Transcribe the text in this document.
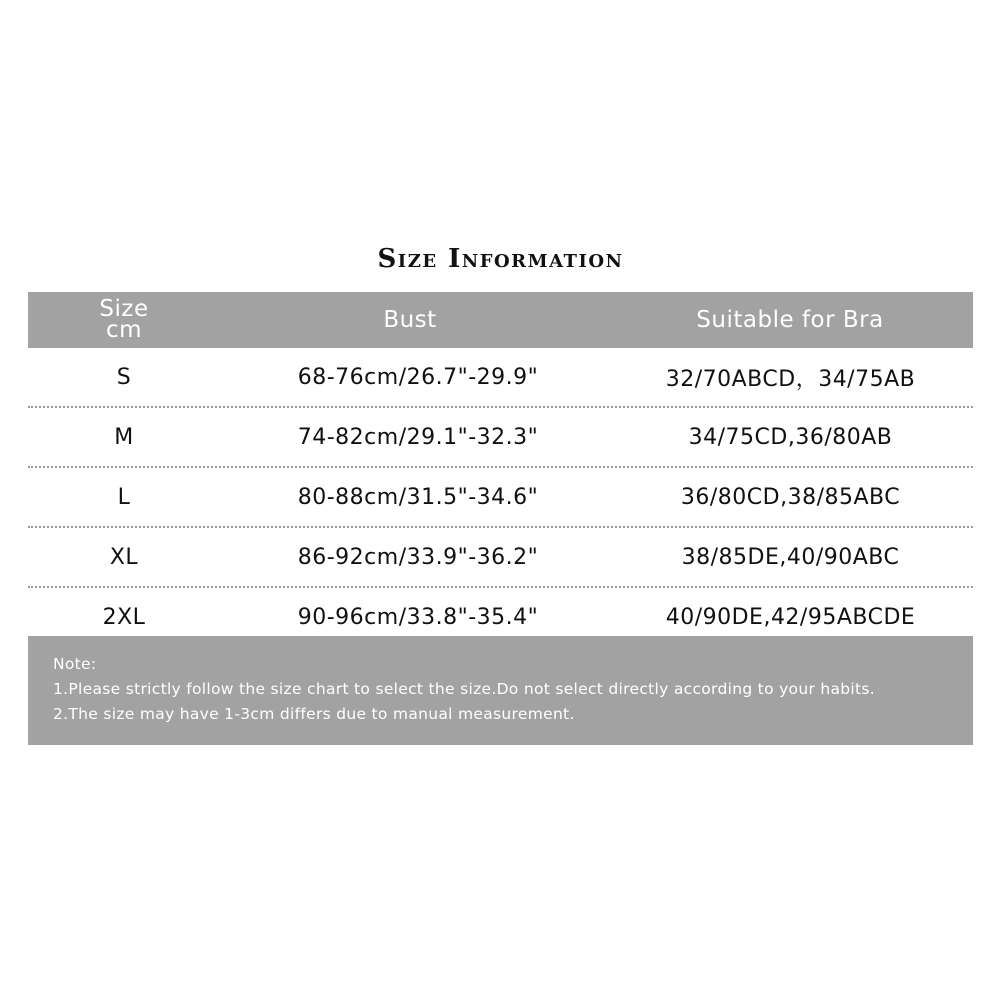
Size Information
Size
cm	Bust	Suitable for Bra
S	68-76cm/26.7"-29.9"	32/70ABCD，34/75AB
M	74-82cm/29.1"-32.3"	34/75CD,36/80AB
L	80-88cm/31.5"-34.6"	36/80CD,38/85ABC
XL	86-92cm/33.9"-36.2"	38/85DE,40/90ABC
2XL	90-96cm/33.8"-35.4"	40/90DE,42/95ABCDE
Note:
1.Please strictly follow the size chart to select the size.Do not select directly according to your habits.
2.The size may have 1-3cm differs due to manual measurement.
